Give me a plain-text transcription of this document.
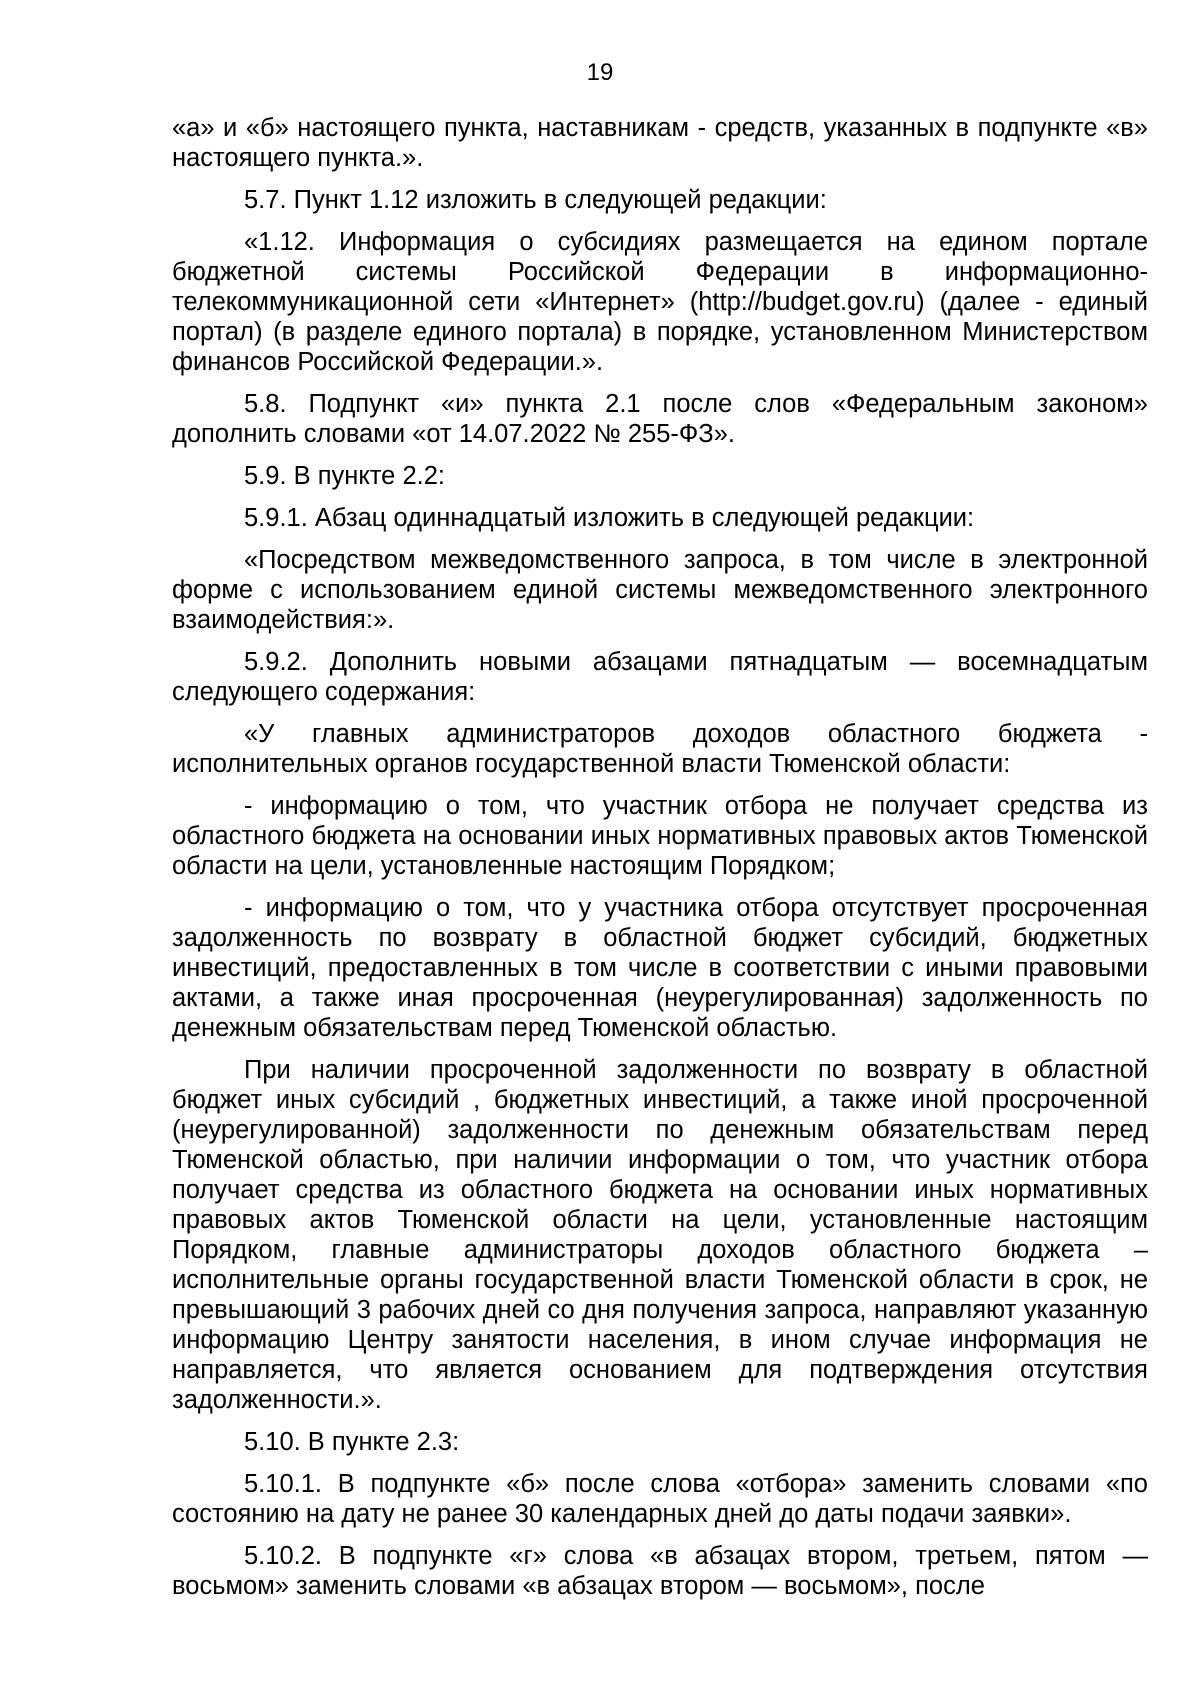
19

«а» и «б» настоящего пункта, наставникам - средств, указанных в подпункте «в» настоящего пункта.».

5.7. Пункт 1.12 изложить в следующей редакции:

«1.12. Информация о субсидиях размещается на едином портале бюджетной системы Российской Федерации в информационно-телекоммуникационной сети «Интернет» (http://budget.gov.ru) (далее - единый портал) (в разделе единого портала) в порядке, установленном Министерством финансов Российской Федерации.».

5.8. Подпункт «и» пункта 2.1 после слов «Федеральным законом» дополнить словами «от 14.07.2022 № 255-ФЗ».

5.9. В пункте 2.2:

5.9.1. Абзац одиннадцатый изложить в следующей редакции:

«Посредством межведомственного запроса, в том числе в электронной форме с использованием единой системы межведомственного электронного взаимодействия:».

5.9.2. Дополнить новыми абзацами пятнадцатым — восемнадцатым следующего содержания:

«У главных администраторов доходов областного бюджета - исполнительных органов государственной власти Тюменской области:

- информацию о том, что участник отбора не получает средства из областного бюджета на основании иных нормативных правовых актов Тюменской области на цели, установленные настоящим Порядком;

- информацию о том, что у участника отбора отсутствует просроченная задолженность по возврату в областной бюджет субсидий, бюджетных инвестиций, предоставленных в том числе в соответствии с иными правовыми актами, а также иная просроченная (неурегулированная) задолженность по денежным обязательствам перед Тюменской областью.

При наличии просроченной задолженности по возврату в областной бюджет иных субсидий , бюджетных инвестиций, а также иной просроченной (неурегулированной) задолженности по денежным обязательствам перед Тюменской областью, при наличии информации о том, что участник отбора получает средства из областного бюджета на основании иных нормативных правовых актов Тюменской области на цели, установленные настоящим Порядком, главные администраторы доходов областного бюджета – исполнительные органы государственной власти Тюменской области в срок, не превышающий 3 рабочих дней со дня получения запроса, направляют указанную информацию Центру занятости населения, в ином случае информация не направляется, что является основанием для подтверждения отсутствия задолженности.».

5.10. В пункте 2.3:

5.10.1. В подпункте «б» после слова «отбора» заменить словами «по состоянию на дату не ранее 30 календарных дней до даты подачи заявки».

5.10.2. В подпункте «г» слова «в абзацах втором, третьем, пятом — восьмом» заменить словами «в абзацах втором — восьмом», после
